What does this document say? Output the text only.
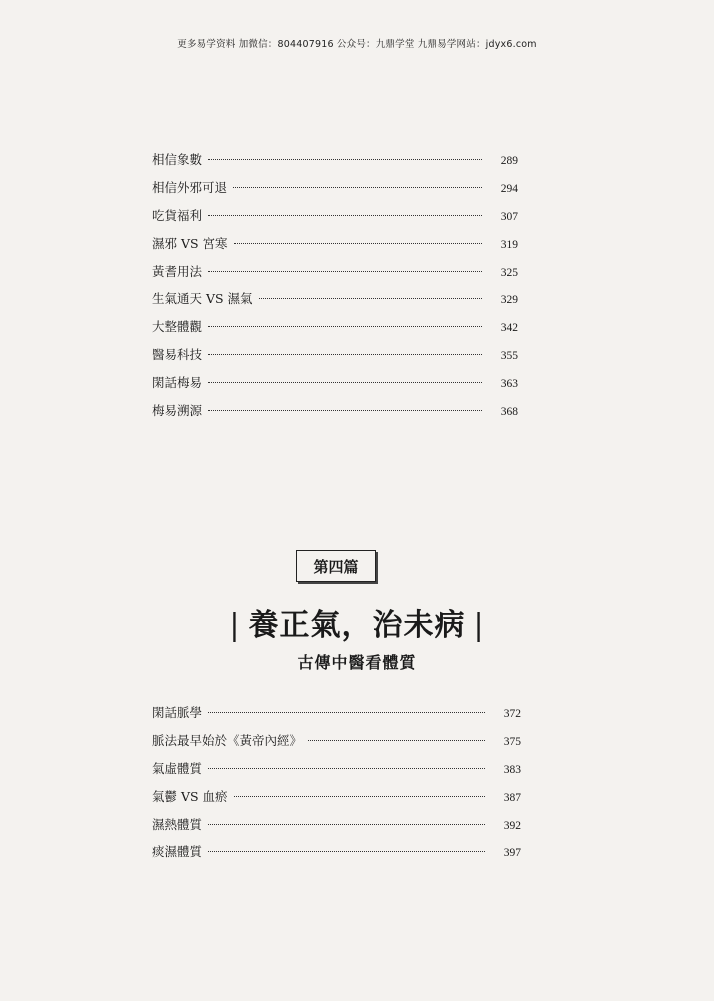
更多易学资料 加微信：804407916 公众号：九鼎学堂 九鼎易学网站：jdyx6.com
相信象數	289
相信外邪可退	294
吃貨福利	307
濕邪 VS 宮寒	319
黃耆用法	325
生氣通天 VS 濕氣	329
大整體觀	342
醫易科技	355
閑話梅易	363
梅易溯源	368
第四篇
| 養正氣，治未病 |
古傳中醫看體質
閑話脈學	372
脈法最早始於《黃帝內經》	375
氣虛體質	383
氣鬱 VS 血瘀	387
濕熱體質	392
痰濕體質	397
